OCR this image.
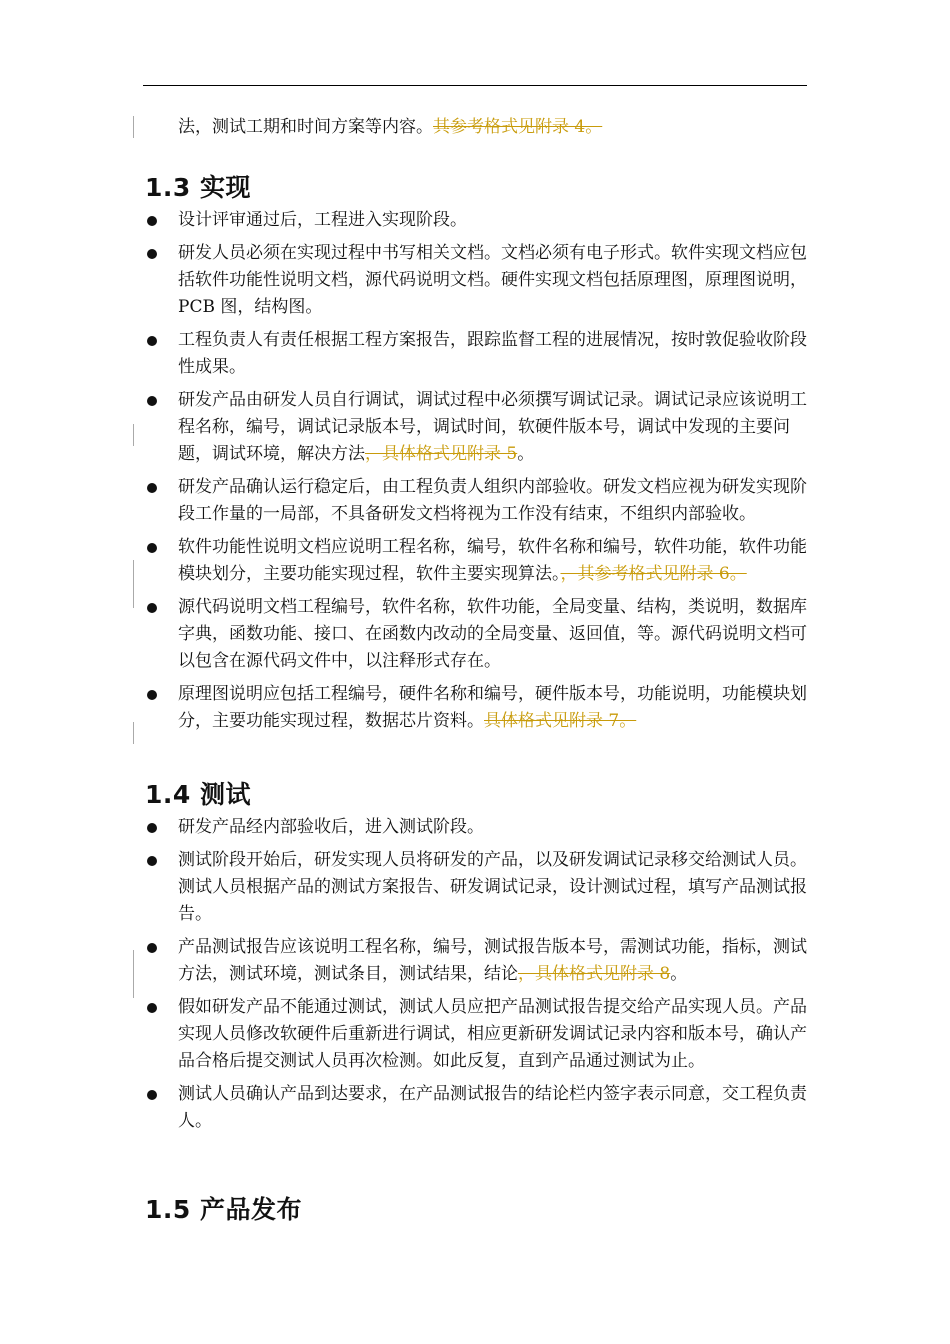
法，测试工期和时间方案等内容。其参考格式见附录 4。

1.3 实现
设计评审通过后，工程进入实现阶段。
研发人员必须在实现过程中书写相关文档。文档必须有电子形式。软件实现文档应包括软件功能性说明文档，源代码说明文档。硬件实现文档包括原理图，原理图说明，PCB 图，结构图。
工程负责人有责任根据工程方案报告，跟踪监督工程的进展情况，按时敦促验收阶段性成果。
研发产品由研发人员自行调试，调试过程中必须撰写调试记录。调试记录应该说明工程名称，编号，调试记录版本号，调试时间，软硬件版本号，调试中发现的主要问题，调试环境，解决方法，具体格式见附录 5。
研发产品确认运行稳定后，由工程负责人组织内部验收。研发文档应视为研发实现阶段工作量的一局部，不具备研发文档将视为工作没有结束，不组织内部验收。
软件功能性说明文档应说明工程名称，编号，软件名称和编号，软件功能，软件功能模块划分，主要功能实现过程，软件主要实现算法。，其参考格式见附录 6。
源代码说明文档工程编号，软件名称，软件功能，全局变量、结构，类说明，数据库字典，函数功能、接口、在函数内改动的全局变量、返回值，等。源代码说明文档可以包含在源代码文件中，以注释形式存在。
原理图说明应包括工程编号，硬件名称和编号，硬件版本号，功能说明，功能模块划分，主要功能实现过程，数据芯片资料。具体格式见附录 7。
1.4 测试
研发产品经内部验收后，进入测试阶段。
测试阶段开始后，研发实现人员将研发的产品，以及研发调试记录移交给测试人员。测试人员根据产品的测试方案报告、研发调试记录，设计测试过程，填写产品测试报告。
产品测试报告应该说明工程名称，编号，测试报告版本号，需测试功能，指标，测试方法，测试环境，测试条目，测试结果，结论，具体格式见附录 8。
假如研发产品不能通过测试，测试人员应把产品测试报告提交给产品实现人员。产品实现人员修改软硬件后重新进行调试，相应更新研发调试记录内容和版本号，确认产品合格后提交测试人员再次检测。如此反复，直到产品通过测试为止。
测试人员确认产品到达要求，在产品测试报告的结论栏内签字表示同意，交工程负责人。
1.5 产品发布
